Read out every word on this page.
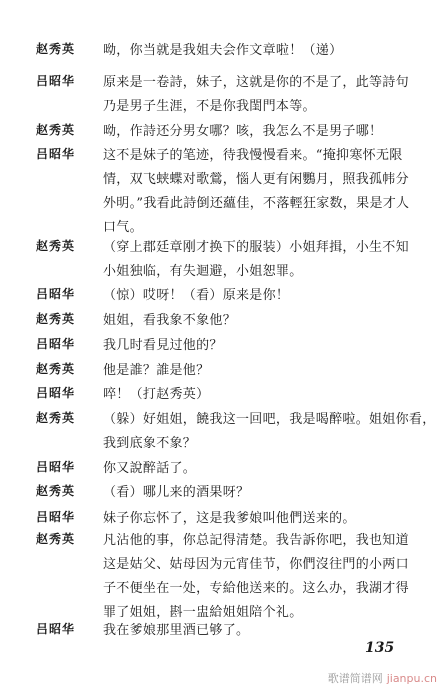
赵秀英 呦，你当就是我姐夫会作文章啦！（递）
吕昭华 原来是一卷詩，妹子，这就是你的不是了，此等詩句
乃是男子生涯，不是你我閨門本等。
赵秀英 呦，作詩还分男女哪？咳，我怎么不是男子哪！
吕昭华 这不是妹子的笔迹，待我慢慢看来。“掩抑寒怀无限
情，双飞蛱蝶对歌鶯，惱人更有闲鸚月，照我孤帏分
外明。”我看此詩倒还蘊佳，不落輕狂家数，果是才人
口气。
赵秀英 （穿上郡廷章刚才换下的服装）小姐拜揖，小生不知
小姐独临，有失迴避，小姐恕罪。
吕昭华 （惊）哎呀！（看）原来是你！
赵秀英 姐姐，看我象不象他？
吕昭华 我几时看見过他的？
赵秀英 他是誰？誰是他？
吕昭华 啐！（打赵秀英）
赵秀英 （躲）好姐姐，饒我这一回吧，我是喝醉啦。姐姐你看，
我到底象不象？
吕昭华 你又說醉話了。
赵秀英 （看）哪儿来的酒果呀？
吕昭华 妹子你忘怀了，这是我爹娘叫他們送来的。
赵秀英 凡沾他的事，你总記得清楚。我告訴你吧，我也知道
这是姑父、姑母因为元宵佳节，你們沒往門的小两口
子不便坐在一处，专給他送来的。这么办，我湖才得
罪了姐姐，斟一盅給姐姐陪个礼。
吕昭华 我在爹娘那里酒已够了。
135
歌谱简谱网 jianpu.cn
